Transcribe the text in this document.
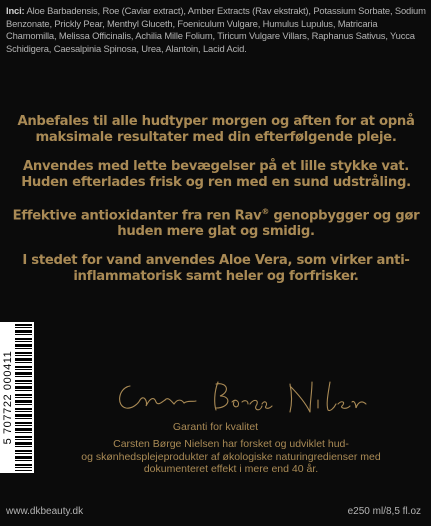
Inci: Aloe Barbadensis, Roe (Caviar extract), Amber Extracts (Rav ekstrakt), Potassium Sorbate, Sodium Benzonate, Prickly Pear, Menthyl Gluceth, Foeniculum Vulgare, Humulus Lupulus, Matricaria Chamomilla, Melissa Officinalis, Achilia Mille Folium, Tiricum Vulgare Villars, Raphanus Sativus, Yucca Schidigera, Caesalpinia Spinosa, Urea, Alantoin, Lacid Acid.

Anbefales til alle hudtyper morgen og aften for at opnå maksimale resultater med din efterfølgende pleje.

Anvendes med lette bevægelser på et lille stykke vat. Huden efterlades frisk og ren med en sund udstråling.

Effektive antioxidanter fra ren Rav® genopbygger og gør huden mere glat og smidig.

I stedet for vand anvendes Aloe Vera, som virker anti-inflammatorisk samt heler og forfrisker.

5 707722 000411	Garanti for kvalitet

Carsten Børge Nielsen har forsket og udviklet hud-

og skønhedsplejeprodukter af økologiske naturingredienser med

dokumenteret effekt i mere end 40 år.

www.dkbeauty.dk	e250 ml/8,5 fl.oz
